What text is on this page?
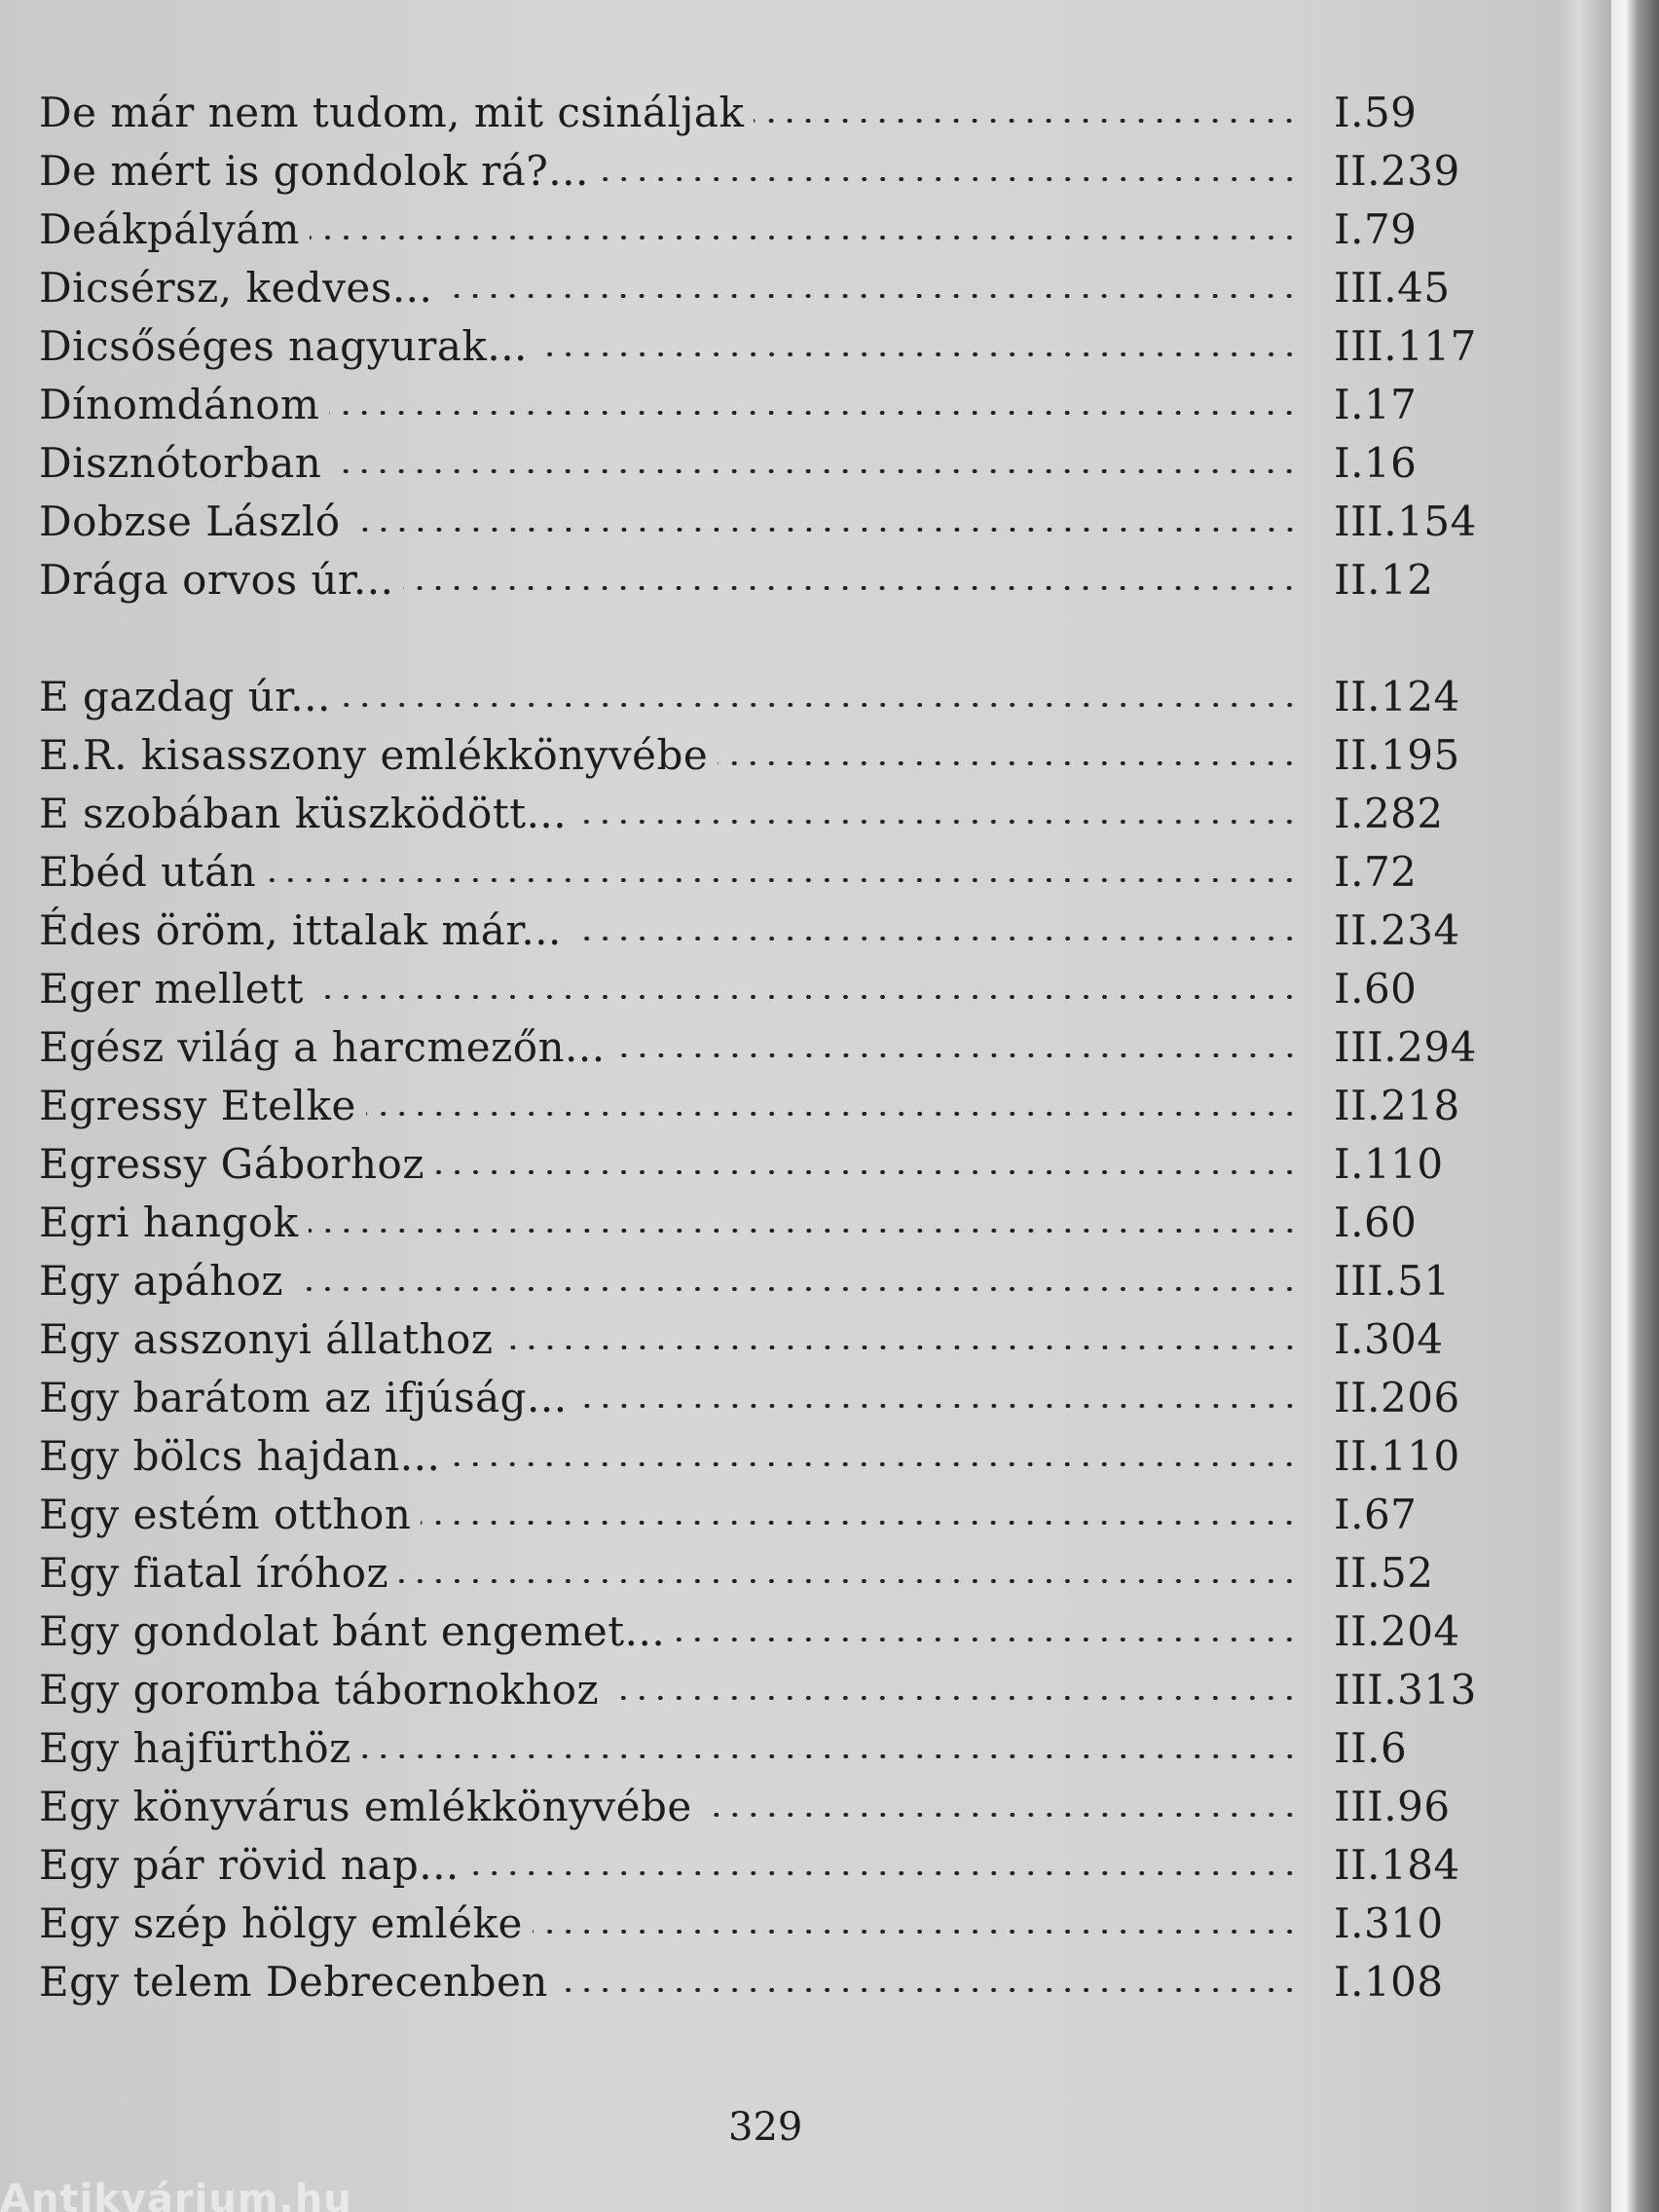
De már nem tudom, mit csináljak	I.59
De mért is gondolok rá?...	II.239
Deákpályám	I.79
Dicsérsz, kedves...	III.45
Dicsőséges nagyurak...	III.117
Dínomdánom	I.17
Disznótorban	I.16
Dobzse László	III.154
Drága orvos úr...	II.12
E gazdag úr...	II.124
E.R. kisasszony emlékkönyvébe	II.195
E szobában küszködött...	I.282
Ebéd után	I.72
Édes öröm, ittalak már...	II.234
Eger mellett	I.60
Egész világ a harcmezőn...	III.294
Egressy Etelke	II.218
Egressy Gáborhoz	I.110
Egri hangok	I.60
Egy apához	III.51
Egy asszonyi állathoz	I.304
Egy barátom az ifjúság...	II.206
Egy bölcs hajdan...	II.110
Egy estém otthon	I.67
Egy fiatal íróhoz	II.52
Egy gondolat bánt engemet...	II.204
Egy goromba tábornokhoz	III.313
Egy hajfürthöz	II.6
Egy könyvárus emlékkönyvébe	III.96
Egy pár rövid nap...	II.184
Egy szép hölgy emléke	I.310
Egy telem Debrecenben	I.108
329
Antikvárium.hu
